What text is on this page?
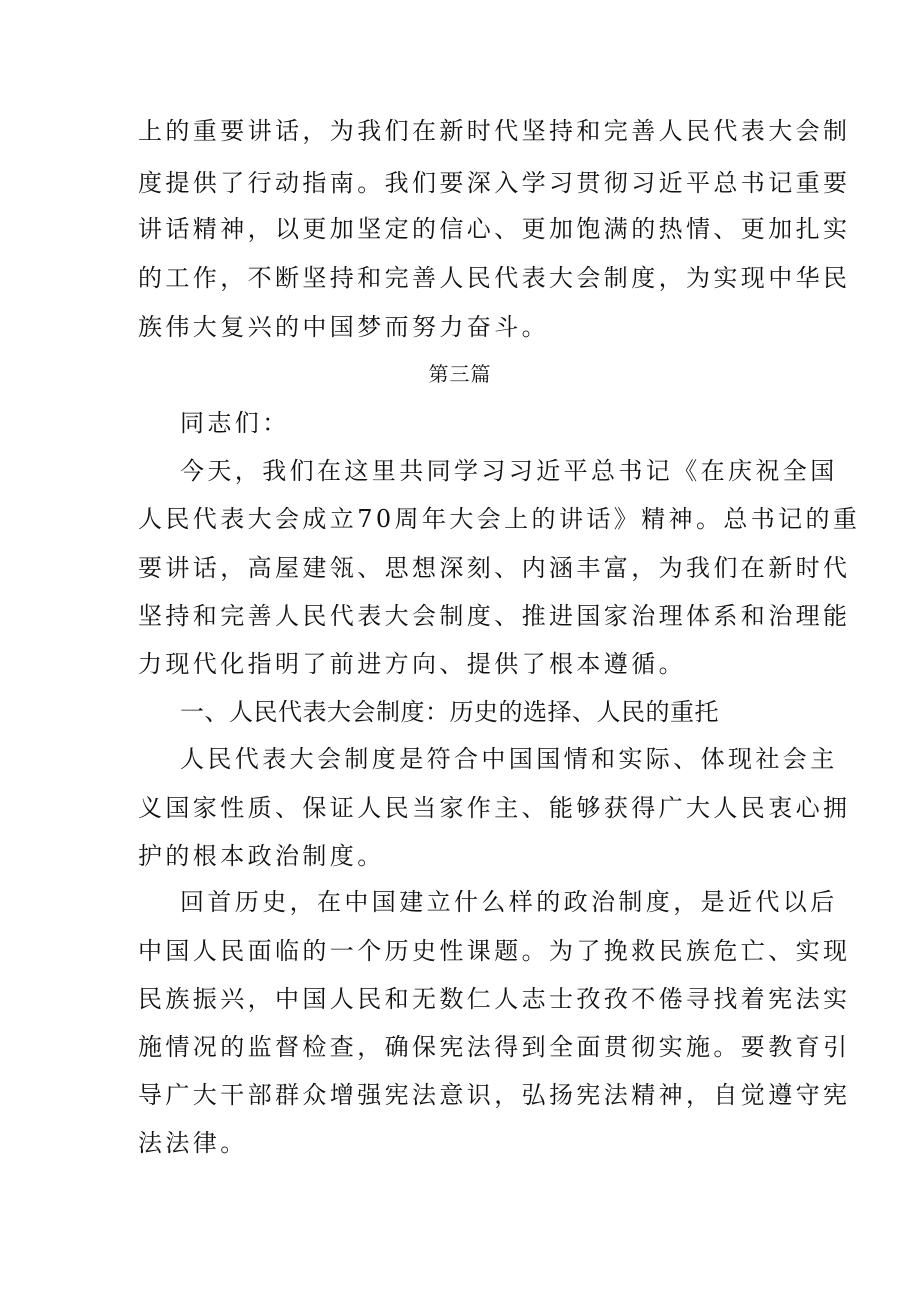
上的重要讲话，为我们在新时代坚持和完善人民代表大会制
度提供了行动指南。我们要深入学习贯彻习近平总书记重要
讲话精神，以更加坚定的信心、更加饱满的热情、更加扎实
的工作，不断坚持和完善人民代表大会制度，为实现中华民
族伟大复兴的中国梦而努力奋斗。
第三篇
同志们：
今天，我们在这里共同学习习近平总书记《在庆祝全国
人民代表大会成立70周年大会上的讲话》精神。总书记的重
要讲话，高屋建瓴、思想深刻、内涵丰富，为我们在新时代
坚持和完善人民代表大会制度、推进国家治理体系和治理能
力现代化指明了前进方向、提供了根本遵循。
一、人民代表大会制度：历史的选择、人民的重托
人民代表大会制度是符合中国国情和实际、体现社会主
义国家性质、保证人民当家作主、能够获得广大人民衷心拥
护的根本政治制度。
回首历史，在中国建立什么样的政治制度，是近代以后
中国人民面临的一个历史性课题。为了挽救民族危亡、实现
民族振兴，中国人民和无数仁人志士孜孜不倦寻找着宪法实
施情况的监督检查，确保宪法得到全面贯彻实施。要教育引
导广大干部群众增强宪法意识，弘扬宪法精神，自觉遵守宪
法法律。
